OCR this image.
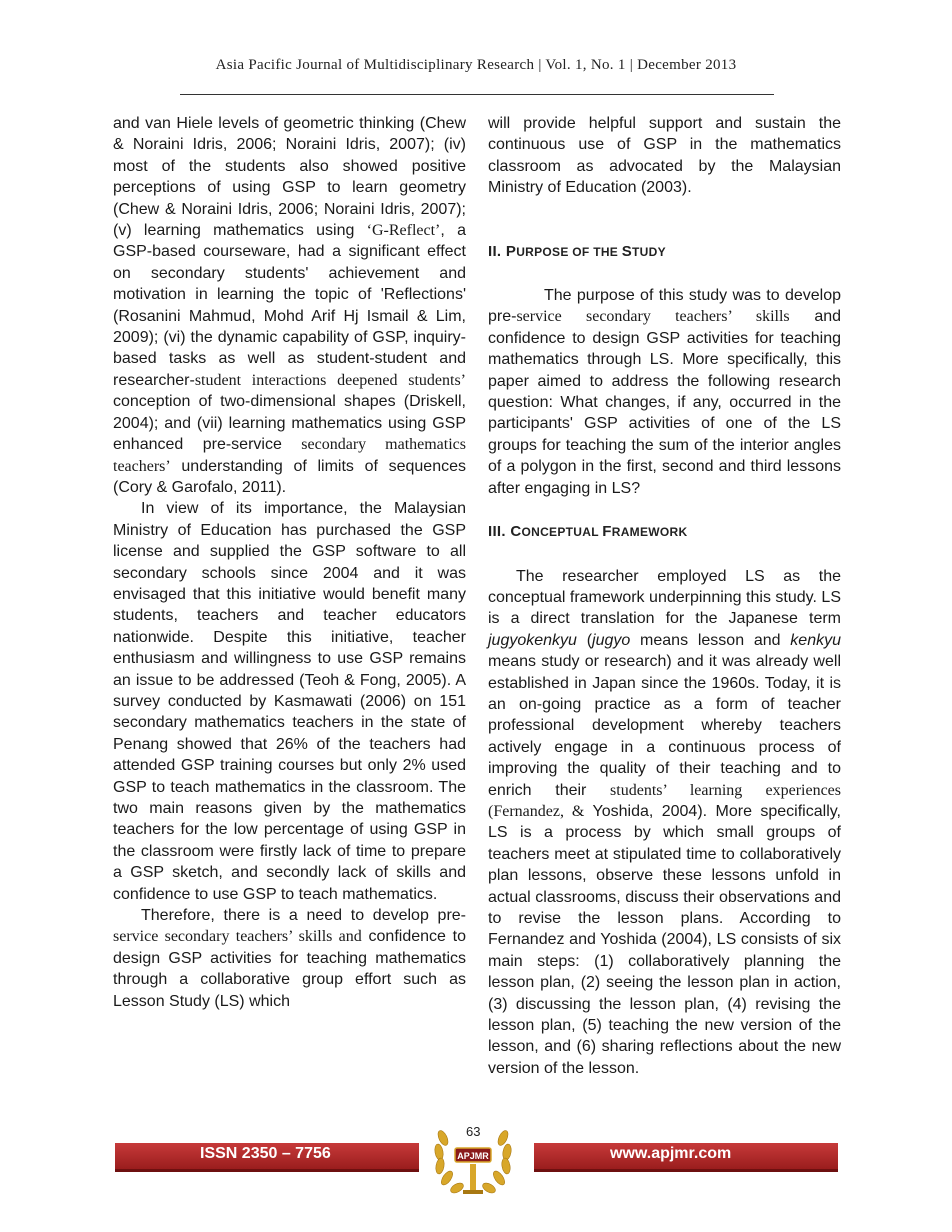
Asia Pacific Journal of Multidisciplinary Research | Vol. 1, No. 1 | December 2013

and van Hiele levels of geometric thinking (Chew & Noraini Idris, 2006; Noraini Idris, 2007); (iv) most of the students also showed positive perceptions of using GSP to learn geometry (Chew & Noraini Idris, 2006; Noraini Idris, 2007); (v) learning mathematics using ‘G-Reflect’, a GSP-based courseware, had a significant effect on secondary students' achievement and motivation in learning the topic of 'Reflections' (Rosanini Mahmud, Mohd Arif Hj Ismail & Lim, 2009); (vi) the dynamic capability of GSP, inquiry-based tasks as well as student-student and researcher-student interactions deepened students’ conception of two-dimensional shapes (Driskell, 2004); and (vii) learning mathematics using GSP enhanced pre-service secondary mathematics teachers’ understanding of limits of sequences (Cory & Garofalo, 2011).

In view of its importance, the Malaysian Ministry of Education has purchased the GSP license and supplied the GSP software to all secondary schools since 2004 and it was envisaged that this initiative would benefit many students, teachers and teacher educators nationwide. Despite this initiative, teacher enthusiasm and willingness to use GSP remains an issue to be addressed (Teoh & Fong, 2005). A survey conducted by Kasmawati (2006) on 151 secondary mathematics teachers in the state of Penang showed that 26% of the teachers had attended GSP training courses but only 2% used GSP to teach mathematics in the classroom. The two main reasons given by the mathematics teachers for the low percentage of using GSP in the classroom were firstly lack of time to prepare a GSP sketch, and secondly lack of skills and confidence to use GSP to teach mathematics.

Therefore, there is a need to develop pre-service secondary teachers’ skills and confidence to design GSP activities for teaching mathematics through a collaborative group effort such as Lesson Study (LS) which

will provide helpful support and sustain the continuous use of GSP in the mathematics classroom as advocated by the Malaysian Ministry of Education (2003).

II. PURPOSE OF THE STUDY

The purpose of this study was to develop pre-service secondary teachers’ skills and confidence to design GSP activities for teaching mathematics through LS. More specifically, this paper aimed to address the following research question: What changes, if any, occurred in the participants' GSP activities of one of the LS groups for teaching the sum of the interior angles of a polygon in the first, second and third lessons after engaging in LS?

III. CONCEPTUAL FRAMEWORK

The researcher employed LS as the conceptual framework underpinning this study. LS is a direct translation for the Japanese term jugyokenkyu (jugyo means lesson and kenkyu means study or research) and it was already well established in Japan since the 1960s. Today, it is an on-going practice as a form of teacher professional development whereby teachers actively engage in a continuous process of improving the quality of their teaching and to enrich their students’ learning experiences (Fernandez, & Yoshida, 2004). More specifically, LS is a process by which small groups of teachers meet at stipulated time to collaboratively plan lessons, observe these lessons unfold in actual classrooms, discuss their observations and to revise the lesson plans. According to Fernandez and Yoshida (2004), LS consists of six main steps: (1) collaboratively planning the lesson plan, (2) seeing the lesson plan in action, (3) discussing the lesson plan, (4) revising the lesson plan, (5) teaching the new version of the lesson, and (6) sharing reflections about the new version of the lesson.

ISSN 2350 – 7756	www.apjmr.com
63
APJMR
